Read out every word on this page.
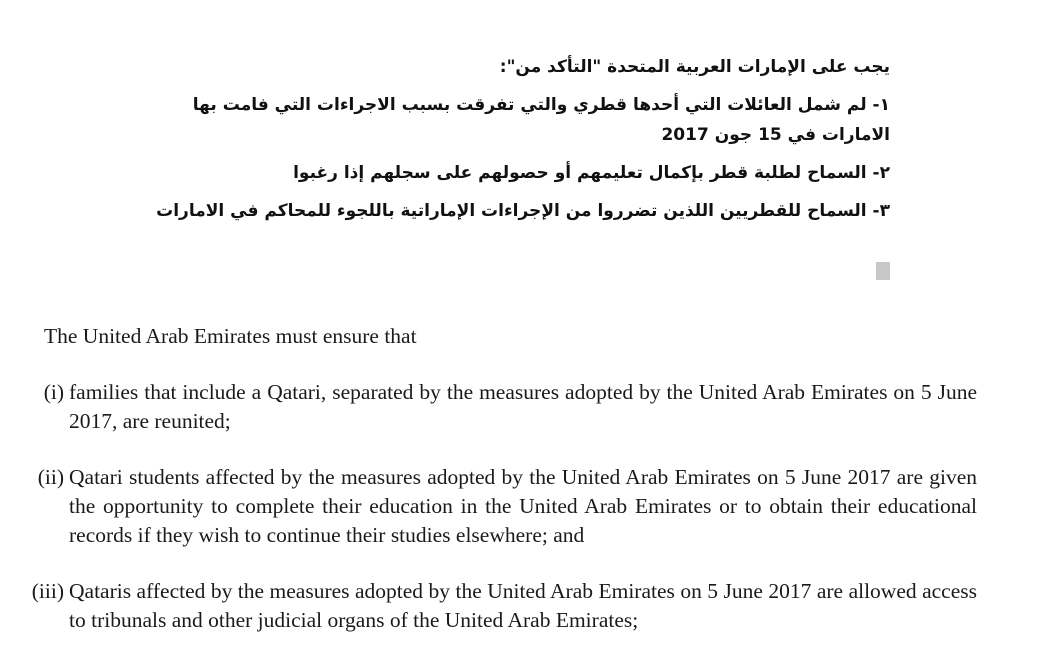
يجب على الإمارات العربية المتحدة "التأكد من":

١- لم شمل العائلات التي أحدها قطري والتي تفرقت بسبب الاجراءات التي فامت بها الامارات في 15 جون 2017

٢- السماح لطلبة قطر بإكمال تعليمهم أو حصولهم على سجلهم إذا رغبوا

٣- السماح للقطريين اللذين تضرروا من الإجراءات الإماراتية باللجوء للمحاكم في الامارات

The United Arab Emirates must ensure that
(i) families that include a Qatari, separated by the measures adopted by the United Arab Emirates on 5 June 2017, are reunited;
(ii) Qatari students affected by the measures adopted by the United Arab Emirates on 5 June 2017 are given the opportunity to complete their education in the United Arab Emirates or to obtain their educational records if they wish to continue their studies elsewhere; and
(iii) Qataris affected by the measures adopted by the United Arab Emirates on 5 June 2017 are allowed access to tribunals and other judicial organs of the United Arab Emirates;
